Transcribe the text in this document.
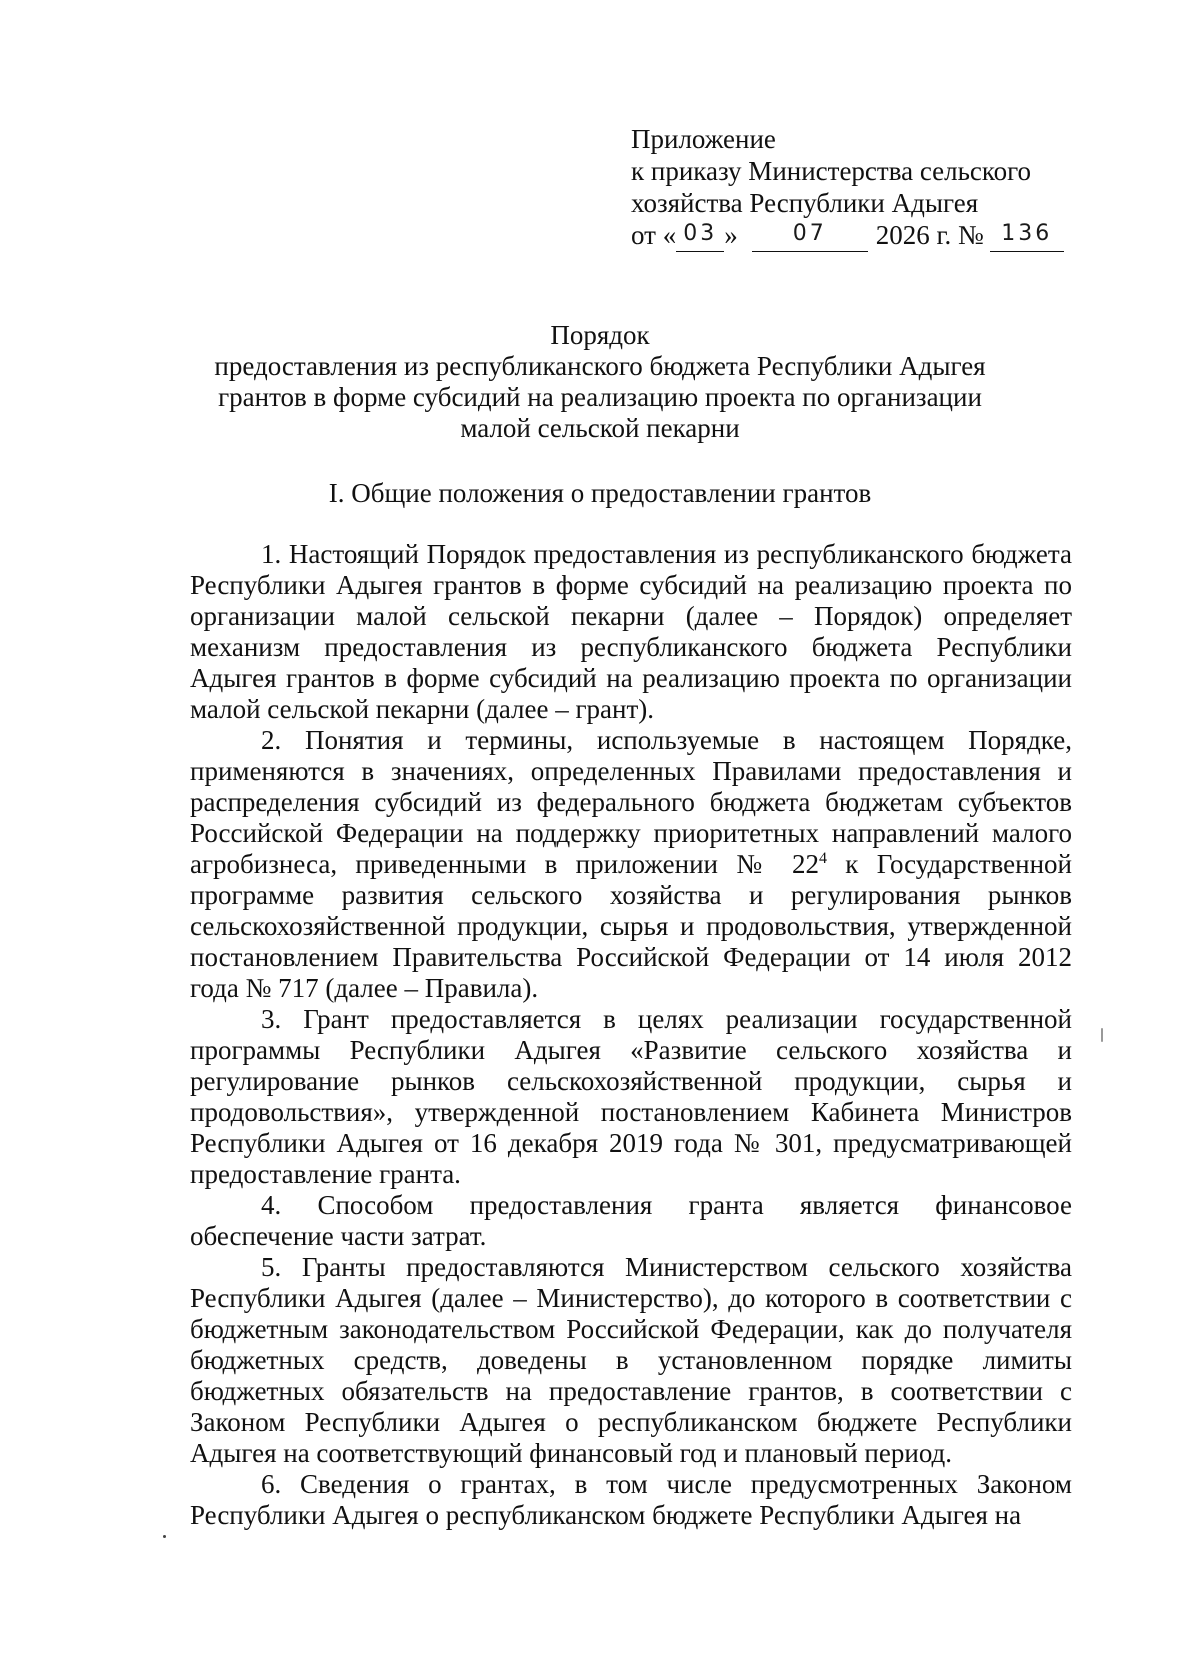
Приложение
к приказу Министерства сельского
хозяйства Республики Адыгея
от « 03 »	07 2026 г. № 136
Порядок
предоставления из республиканского бюджета Республики Адыгея
грантов в форме субсидий на реализацию проекта по организации
малой сельской пекарни
I. Общие положения о предоставлении грантов

1. Настоящий Порядок предоставления из республиканского бюджета Республики Адыгея грантов в форме субсидий на реализацию проекта по организации малой сельской пекарни (далее – Порядок) определяет механизм предоставления из республиканского бюджета Республики Адыгея грантов в форме субсидий на реализацию проекта по организации малой сельской пекарни (далее – грант).

2. Понятия и термины, используемые в настоящем Порядке, применяются в значениях, определенных Правилами предоставления и распределения субсидий из федерального бюджета бюджетам субъектов Российской Федерации на поддержку приоритетных направлений малого агробизнеса, приведенными в приложении № $22^4$ к Государственной программе развития сельского хозяйства и регулирования рынков сельскохозяйственной продукции, сырья и продовольствия, утвержденной постановлением Правительства Российской Федерации от 14 июля 2012 года № 717 (далее – Правила).

3. Грант предоставляется в целях реализации государственной программы Республики Адыгея «Развитие сельского хозяйства и регулирование рынков сельскохозяйственной продукции, сырья и продовольствия», утвержденной постановлением Кабинета Министров Республики Адыгея от 16 декабря 2019 года № 301, предусматривающей предоставление гранта.

4. Способом предоставления гранта является финансовое обеспечение части затрат.

5. Гранты предоставляются Министерством сельского хозяйства Республики Адыгея (далее – Министерство), до которого в соответствии с бюджетным законодательством Российской Федерации, как до получателя бюджетных средств, доведены в установленном порядке лимиты бюджетных обязательств на предоставление грантов, в соответствии с Законом Республики Адыгея о республиканском бюджете Республики Адыгея на соответствующий финансовый год и плановый период.

6. Сведения о грантах, в том числе предусмотренных Законом Республики Адыгея о республиканском бюджете Республики Адыгея на
